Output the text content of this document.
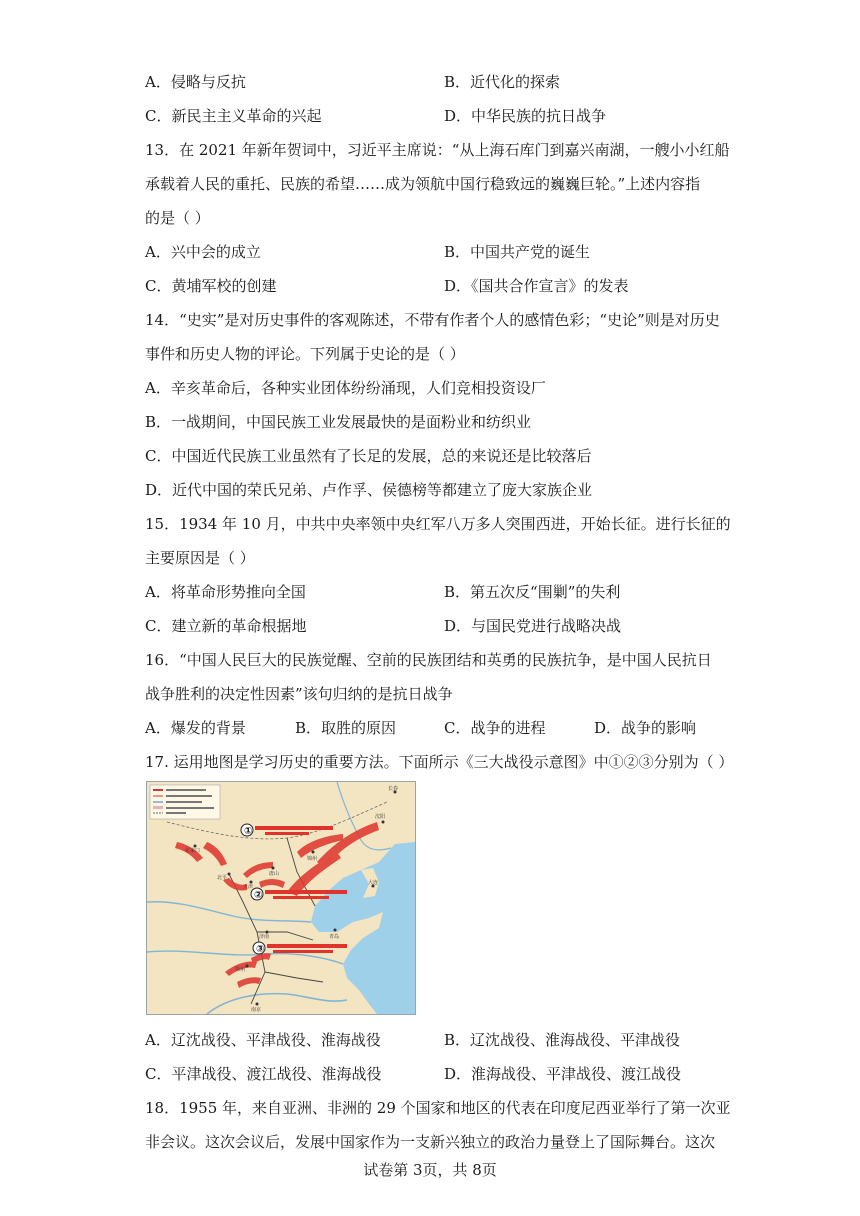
A．侵略与反抗	B．近代化的探索
C．新民主主义革命的兴起	D．中华民族的抗日战争
13．在 2021 年新年贺词中，习近平主席说：“从上海石库门到嘉兴南湖，一艘小小红船
承载着人民的重托、民族的希望……成为领航中国行稳致远的巍巍巨轮。”上述内容指
的是（ ）
A．兴中会的成立	B．中国共产党的诞生
C．黄埔军校的创建	D．《国共合作宣言》的发表
14．“史实”是对历史事件的客观陈述，不带有作者个人的感情色彩；“史论”则是对历史
事件和历史人物的评论。下列属于史论的是（ ）
A．辛亥革命后，各种实业团体纷纷涌现，人们竞相投资设厂
B．一战期间，中国民族工业发展最快的是面粉业和纺织业
C．中国近代民族工业虽然有了长足的发展，总的来说还是比较落后
D．近代中国的荣氏兄弟、卢作孚、侯德榜等都建立了庞大家族企业
15．1934 年 10 月，中共中央率领中央红军八万多人突围西进，开始长征。进行长征的
主要原因是（ ）
A．将革命形势推向全国	B．第五次反“围剿”的失利
C．建立新的革命根据地	D．与国民党进行战略决战
16．“中国人民巨大的民族觉醒、空前的民族团结和英勇的民族抗争，是中国人民抗日
战争胜利的决定性因素”该句归纳的是抗日战争
A．爆发的背景	B．取胜的原因	C．战争的进程	D．战争的影响
17. 运用地图是学习历史的重要方法。下面所示《三大战役示意图》中①②③分别为（ ）
①
②
③
长春
锦州
沈阳
北平
天津
大连
济南
徐州
南京
张家口
唐山
青岛
A．辽沈战役、平津战役、淮海战役	B．辽沈战役、淮海战役、平津战役
C．平津战役、渡江战役、淮海战役	D．淮海战役、平津战役、渡江战役
18．1955 年，来自亚洲、非洲的 29 个国家和地区的代表在印度尼西亚举行了第一次亚
非会议。这次会议后，发展中国家作为一支新兴独立的政治力量登上了国际舞台。这次
试卷第 3页，共 8页
